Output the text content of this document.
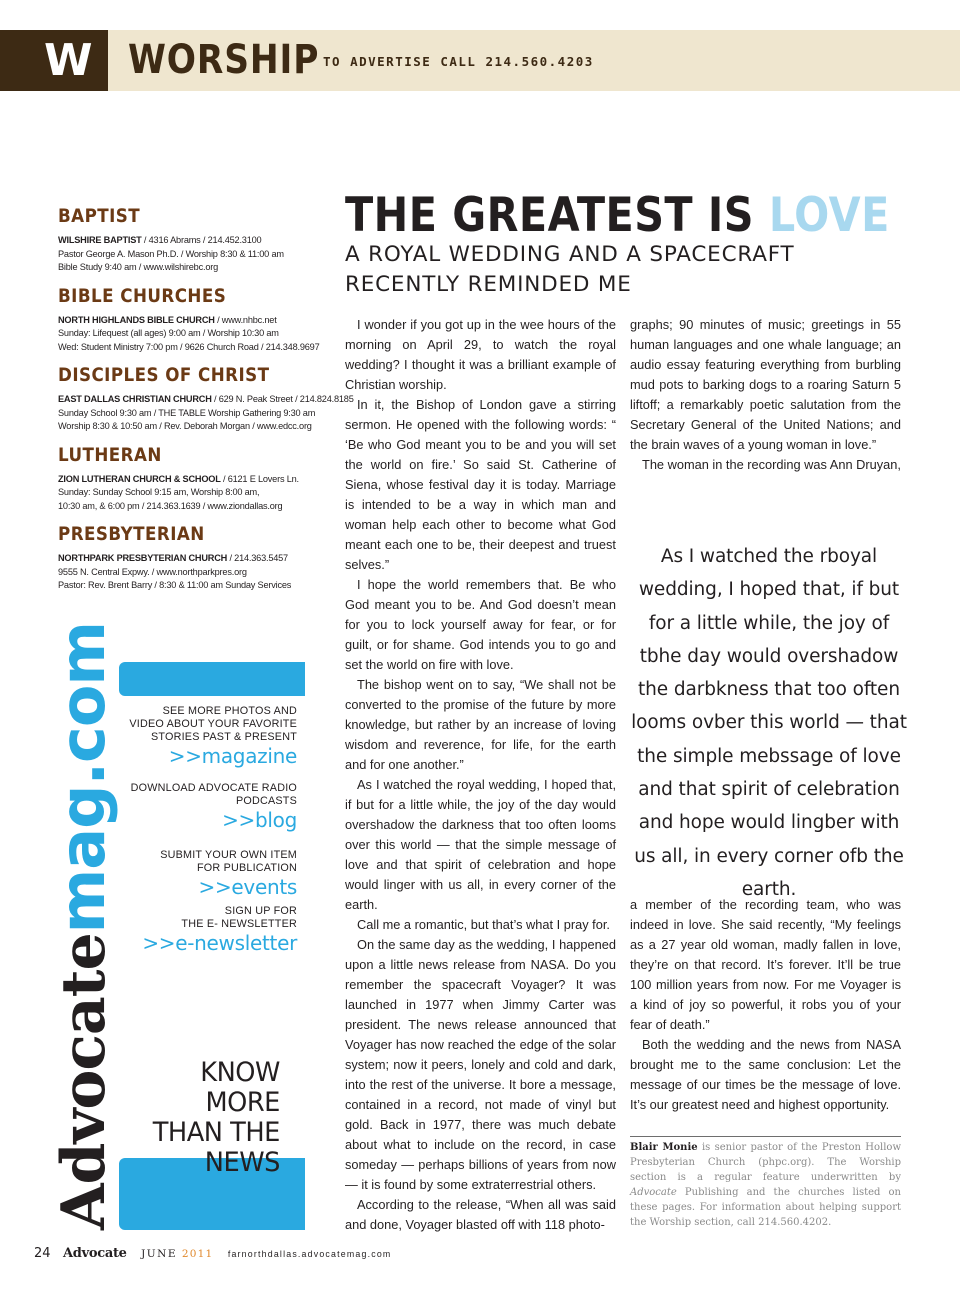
W WORSHIP TO ADVERTISE CALL 214.560.4203
BAPTIST
WILSHIRE BAPTIST / 4316 Abrams / 214.452.3100
Pastor George A. Mason Ph.D. / Worship 8:30 & 11:00 am
Bible Study 9:40 am / www.wilshirebc.org
BIBLE CHURCHES
NORTH HIGHLANDS BIBLE CHURCH / www.nhbc.net
Sunday: Lifequest (all ages) 9:00 am / Worship 10:30 am
Wed: Student Ministry 7:00 pm / 9626 Church Road / 214.348.9697
DISCIPLES OF CHRIST
EAST DALLAS CHRISTIAN CHURCH / 629 N. Peak Street / 214.824.8185
Sunday School 9:30 am / THE TABLE Worship Gathering 9:30 am
Worship 8:30 & 10:50 am / Rev. Deborah Morgan / www.edcc.org
LUTHERAN
ZION LUTHERAN CHURCH & SCHOOL / 6121 E Lovers Ln.
Sunday: Sunday School 9:15 am, Worship 8:00 am,
10:30 am, & 6:00 pm / 214.363.1639 / www.ziondallas.org
PRESBYTERIAN
NORTHPARK PRESBYTERIAN CHURCH / 214.363.5457
9555 N. Central Expwy. / www.northparkpres.org
Pastor: Rev. Brent Barry / 8:30 & 11:00 am Sunday Services
Advocatemag.com	SEE MORE PHOTOS AND
VIDEO ABOUT YOUR FAVORITE
STORIES PAST & PRESENT
>>magazine
DOWNLOAD ADVOCATE RADIO
PODCASTS
>>blog
SUBMIT YOUR OWN ITEM
FOR PUBLICATION
>>events
SIGN UP FOR
THE E- NEWSLETTER
>>e-newsletter
KNOW
MORE
THAN THE
NEWS
THE GREATEST IS LOVE
A ROYAL WEDDING AND A SPACECRAFT RECENTLY REMINDED ME

I wonder if you got up in the wee hours of the morning on April 29, to watch the royal wedding? I thought it was a brilliant example of Christian worship.

In it, the Bishop of London gave a stirring sermon. He opened with the following words: “ ‘Be who God meant you to be and you will set the world on fire.’ So said St. Catherine of Siena, whose festival day it is today. Marriage is intended to be a way in which man and woman help each other to become what God meant each one to be, their deepest and truest selves.”

I hope the world remembers that. Be who God meant you to be. And God doesn’t mean for you to lock yourself away for fear, or for guilt, or for shame. God intends you to go and set the world on fire with love.

The bishop went on to say, “We shall not be converted to the promise of the future by more knowledge, but rather by an increase of loving wisdom and reverence, for life, for the earth and for one another.”

As I watched the royal wedding, I hoped that, if but for a little while, the joy of the day would overshadow the darkness that too often looms over this world — that the simple message of love and that spirit of celebration and hope would linger with us all, in every corner of the earth.

Call me a romantic, but that’s what I pray for.

On the same day as the wedding, I happened upon a little news release from NASA. Do you remember the spacecraft Voyager? It was launched in 1977 when Jimmy Carter was president. The news release announced that Voyager has now reached the edge of the solar system; now it peers, lonely and cold and dark, into the rest of the universe. It bore a message, contained in a record, not made of vinyl but gold. Back in 1977, there was much debate about what to include on the record, in case someday — perhaps billions of years from now — it is found by some extraterrestrial others.

According to the release, “When all was said and done, Voyager blasted off with 118 photo-

graphs; 90 minutes of music; greetings in 55 human languages and one whale language; an audio essay featuring everything from burbling mud pots to barking dogs to a roaring Saturn 5 liftoff; a remarkably poetic salutation from the Secretary General of the United Nations; and the brain waves of a young woman in love.”

The woman in the recording was Ann Druyan,

As I watched the rboyal wedding, I hoped that, if but for a little while, the joy of tbhe day would overshadow the darbkness that too often looms ovber this world — that the simple mebssage of love and that spirit of celebration and hope would lingber with us all, in every corner ofb the earth.

a member of the recording team, who was indeed in love. She said recently, “My feelings as a 27 year old woman, madly fallen in love, they’re on that record. It’s forever. It’ll be true 100 million years from now. For me Voyager is a kind of joy so powerful, it robs you of your fear of death.”

Both the wedding and the news from NASA brought me to the same conclusion: Let the message of our times be the message of love. It’s our greatest need and highest opportunity.

Blair Monie is senior pastor of the Preston Hollow Presbyterian Church (phpc.org). The Worship section is a regular feature underwritten by Advocate Publishing and the churches listed on these pages. For information about helping support the Worship section, call 214.560.4202.
24 Advocate JUNE 2011 farnorthdallas.advocatemag.com
